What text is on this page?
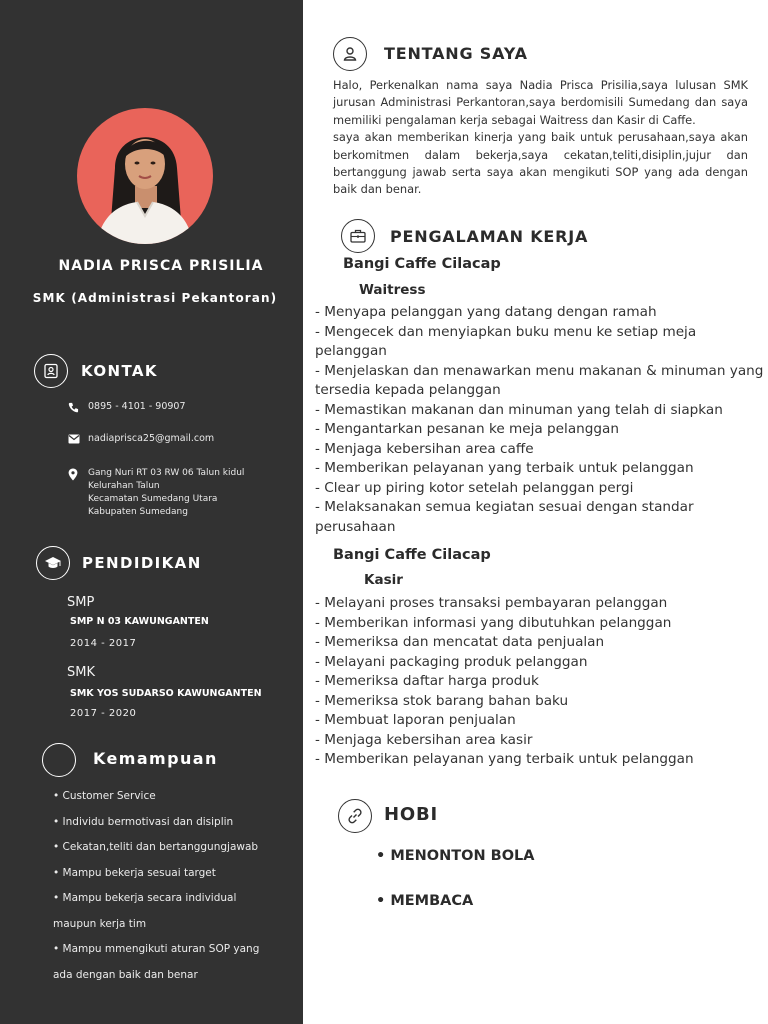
NADIA PRISCA PRISILIA
SMK (Administrasi Pekantoran)
KONTAK
0895 - 4101 - 90907
nadiaprisca25@gmail.com
Gang Nuri RT 03 RW 06 Talun kidul
Kelurahan Talun
Kecamatan Sumedang Utara
Kabupaten Sumedang
PENDIDIKAN
SMP
SMP N 03 KAWUNGANTEN
2014 - 2017
SMK
SMK YOS SUDARSO KAWUNGANTEN
2017 - 2020
Kemampuan
• Customer Service
• Individu bermotivasi dan disiplin
• Cekatan,teliti dan bertanggungjawab
• Mampu bekerja sesuai target
• Mampu bekerja secara individual
maupun kerja tim
• Mampu mmengikuti aturan SOP yang
ada dengan baik dan benar
TENTANG SAYA

Halo, Perkenalkan nama saya Nadia Prisca Prisilia,saya lulusan SMK jurusan Administrasi Perkantoran,saya berdomisili Sumedang dan saya memiliki pengalaman kerja sebagai Waitress dan Kasir di Caffe.

saya akan memberikan kinerja yang baik untuk perusahaan,saya akan berkomitmen dalam bekerja,saya cekatan,teliti,disiplin,jujur dan bertanggung jawab serta saya akan mengikuti SOP yang ada dengan baik dan benar.

PENGALAMAN KERJA
Bangi Caffe Cilacap
Waitress
- Menyapa pelanggan yang datang dengan ramah
- Mengecek dan menyiapkan buku menu ke setiap meja pelanggan
- Menjelaskan dan menawarkan menu makanan & minuman yang tersedia kepada pelanggan
- Memastikan makanan dan minuman yang telah di siapkan
- Mengantarkan pesanan ke meja pelanggan
- Menjaga kebersihan area caffe
- Memberikan pelayanan yang terbaik untuk pelanggan
- Clear up piring kotor setelah pelanggan pergi
- Melaksanakan semua kegiatan sesuai dengan standar perusahaan
Bangi Caffe Cilacap
Kasir
- Melayani proses transaksi pembayaran pelanggan
- Memberikan informasi yang dibutuhkan pelanggan
- Memeriksa dan mencatat data penjualan
- Melayani packaging produk pelanggan
- Memeriksa daftar harga produk
- Memeriksa stok barang bahan baku
- Membuat laporan penjualan
- Menjaga kebersihan area kasir
- Memberikan pelayanan yang terbaik untuk pelanggan
HOBI
• MENONTON BOLA
• MEMBACA
